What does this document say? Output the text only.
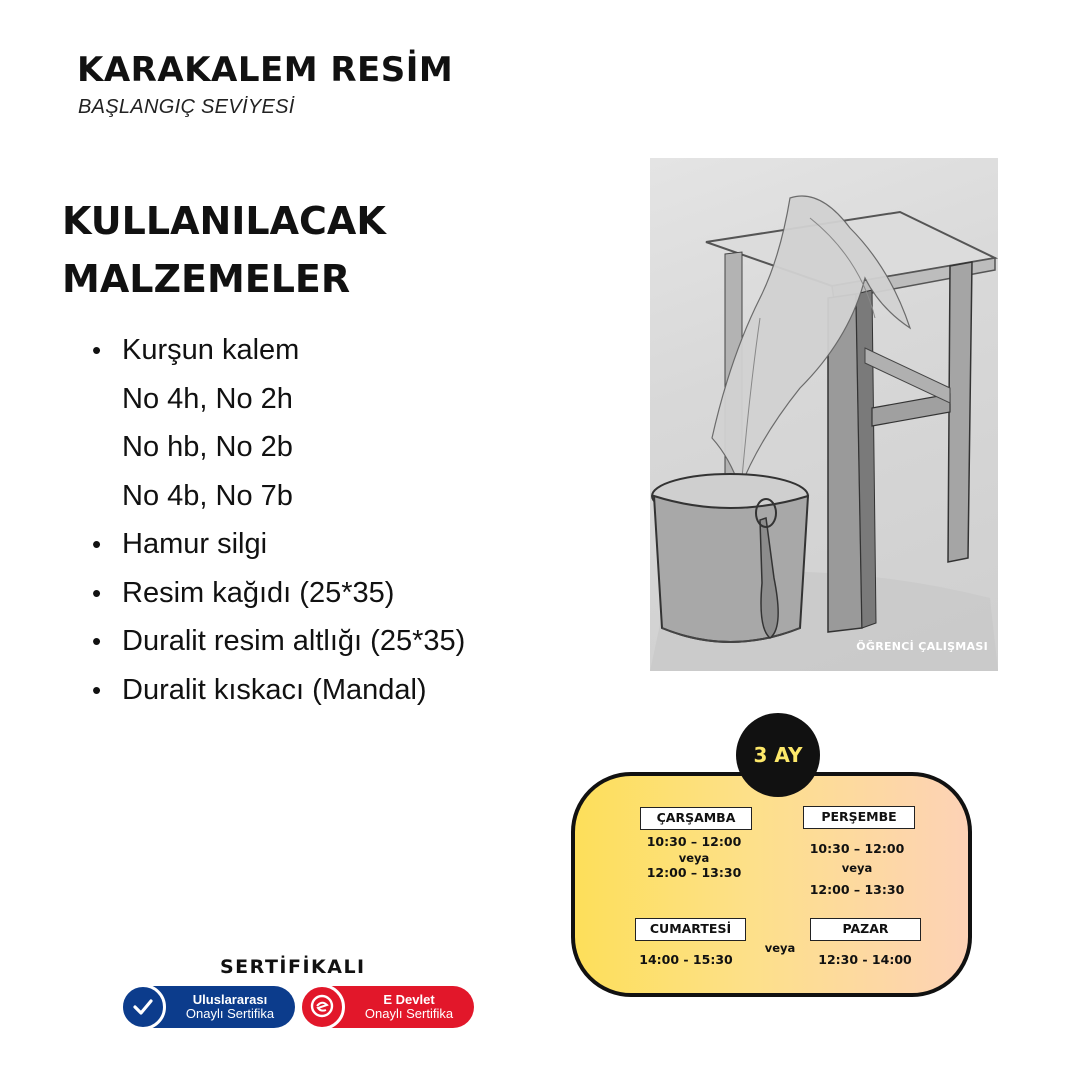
KARAKALEM RESİM
BAŞLANGIÇ SEVİYESİ
KULLANILACAK
MALZEMELER
• Kurşun kalem
No 4h, No 2h
No hb, No 2b
No 4b, No 7b
• Hamur silgi
• Resim kağıdı (25*35)
• Duralit resim altlığı (25*35)
• Duralit kıskacı (Mandal)
ÖĞRENCİ ÇALIŞMASI
3 AY
ÇARŞAMBA
10:30 – 12:00
veya
12:00 – 13:30
PERŞEMBE
10:30 – 12:00
veya
12:00 – 13:30
CUMARTESİ
14:00 - 15:30
veya
PAZAR
12:30 - 14:00
SERTİFİKALI
Uluslararası
Onaylı Sertifika
E Devlet
Onaylı Sertifika
